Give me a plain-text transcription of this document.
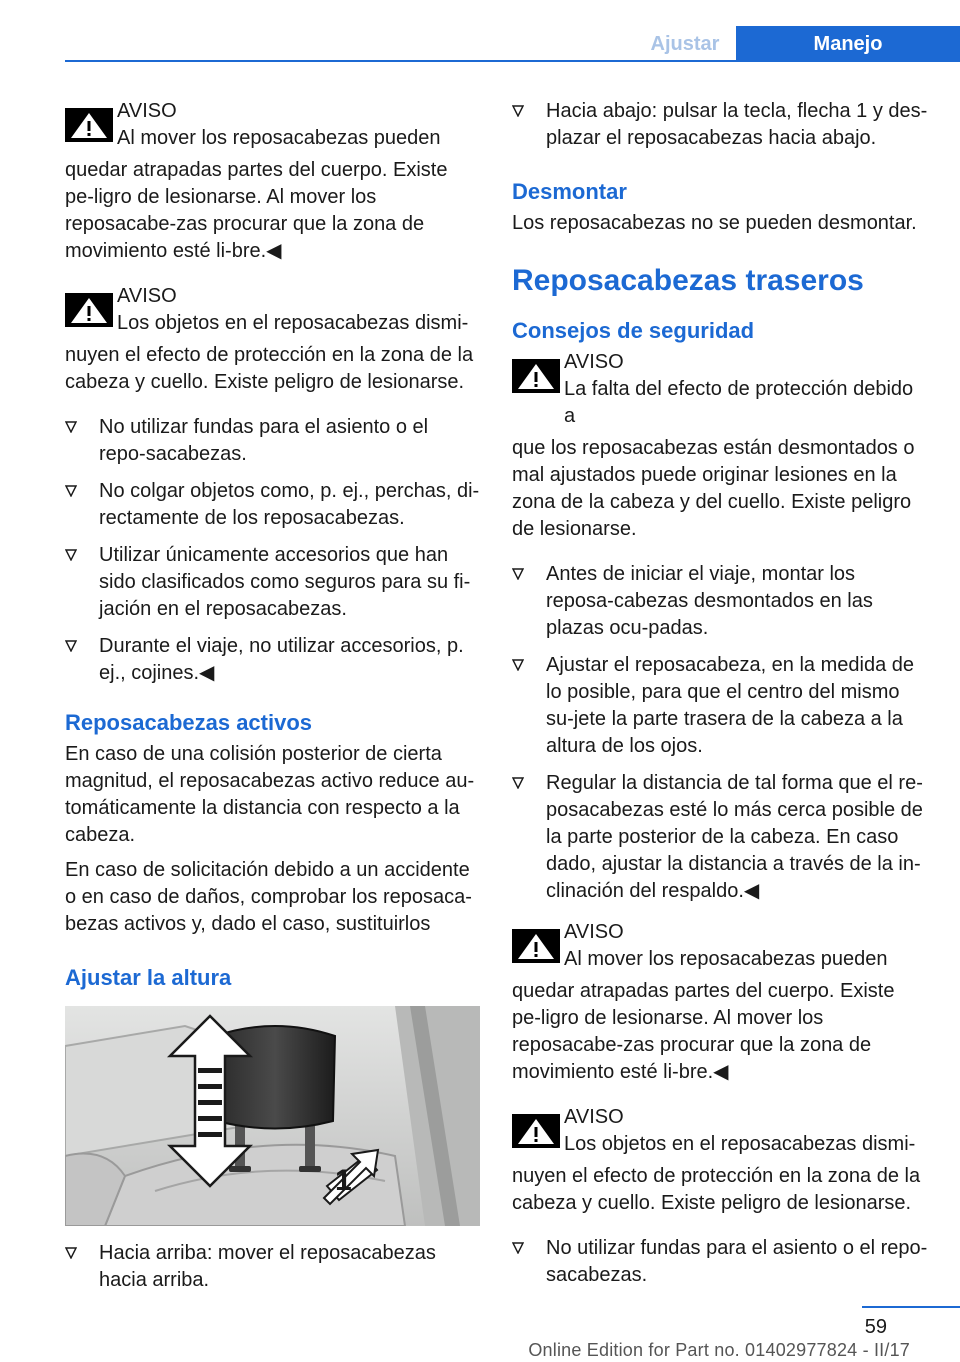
Ajustar	Manejo
AVISO
Al mover los reposacabezas pueden
quedar atrapadas partes del cuerpo. Existe pe-ligro de lesionarse. Al mover los reposacabe-zas procurar que la zona de movimiento esté li-bre.◀
AVISO
Los objetos en el reposacabezas dismi-
nuyen el efecto de protección en la zona de la cabeza y cuello. Existe peligro de lesionarse.
No utilizar fundas para el asiento o el repo-sacabezas.
No colgar objetos como, p. ej., perchas, di-rectamente de los reposacabezas.
Utilizar únicamente accesorios que han sido clasificados como seguros para su fi-jación en el reposacabezas.
Durante el viaje, no utilizar accesorios, p. ej., cojines.◀
Reposacabezas activos

En caso de una colisión posterior de cierta magnitud, el reposacabezas activo reduce au-tomáticamente la distancia con respecto a la cabeza.

En caso de solicitación debido a un accidente o en caso de daños, comprobar los reposaca-bezas activos y, dado el caso, sustituirlos

Ajustar la altura
1
Hacia arriba: mover el reposacabezas hacia arriba.
Hacia abajo: pulsar la tecla, flecha 1 y des-plazar el reposacabezas hacia abajo.
Desmontar

Los reposacabezas no se pueden desmontar.

Reposacabezas traseros
Consejos de seguridad
AVISO
La falta del efecto de protección debido a
que los reposacabezas están desmontados o mal ajustados puede originar lesiones en la zona de la cabeza y del cuello. Existe peligro de lesionarse.
Antes de iniciar el viaje, montar los reposa-cabezas desmontados en las plazas ocu-padas.
Ajustar el reposacabeza, en la medida de lo posible, para que el centro del mismo su-jete la parte trasera de la cabeza a la altura de los ojos.
Regular la distancia de tal forma que el re-posacabezas esté lo más cerca posible de la parte posterior de la cabeza. En caso dado, ajustar la distancia a través de la in-clinación del respaldo.◀
AVISO
Al mover los reposacabezas pueden
quedar atrapadas partes del cuerpo. Existe pe-ligro de lesionarse. Al mover los reposacabe-zas procurar que la zona de movimiento esté li-bre.◀
AVISO
Los objetos en el reposacabezas dismi-
nuyen el efecto de protección en la zona de la cabeza y cuello. Existe peligro de lesionarse.
No utilizar fundas para el asiento o el repo-sacabezas.
59
Online Edition for Part no. 01402977824 - II/17
